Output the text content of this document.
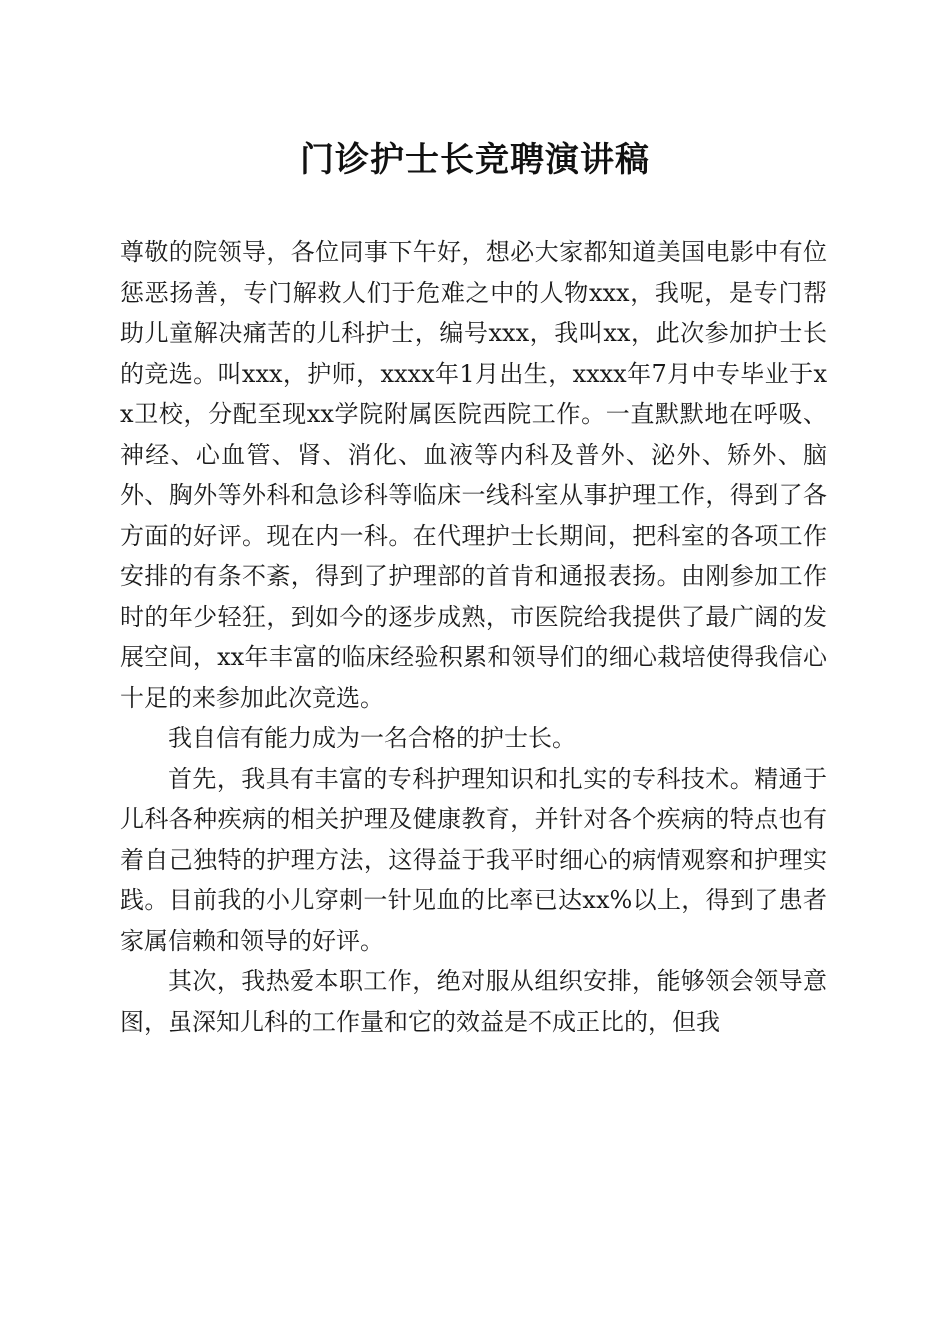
门诊护士长竞聘演讲稿

尊敬的院领导，各位同事下午好，想必大家都知道美国电影中有位惩恶扬善，专门解救人们于危难之中的人物xxx，我呢，是专门帮助儿童解决痛苦的儿科护士，编号xxx，我叫xx，此次参加护士长的竞选。叫xxx，护师，xxxx年1月出生，xxxx年7月中专毕业于xx卫校，分配至现xx学院附属医院西院工作。一直默默地在呼吸、神经、心血管、肾、消化、血液等内科及普外、泌外、矫外、脑外、胸外等外科和急诊科等临床一线科室从事护理工作，得到了各方面的好评。现在内一科。在代理护士长期间，把科室的各项工作安排的有条不紊，得到了护理部的首肯和通报表扬。由刚参加工作时的年少轻狂，到如今的逐步成熟，市医院给我提供了最广阔的发展空间，xx年丰富的临床经验积累和领导们的细心栽培使得我信心十足的来参加此次竞选。

我自信有能力成为一名合格的护士长。

首先，我具有丰富的专科护理知识和扎实的专科技术。精通于儿科各种疾病的相关护理及健康教育，并针对各个疾病的特点也有着自己独特的护理方法，这得益于我平时细心的病情观察和护理实践。目前我的小儿穿刺一针见血的比率已达xx%以上，得到了患者家属信赖和领导的好评。

其次，我热爱本职工作，绝对服从组织安排，能够领会领导意图，虽深知儿科的工作量和它的效益是不成正比的，但我
